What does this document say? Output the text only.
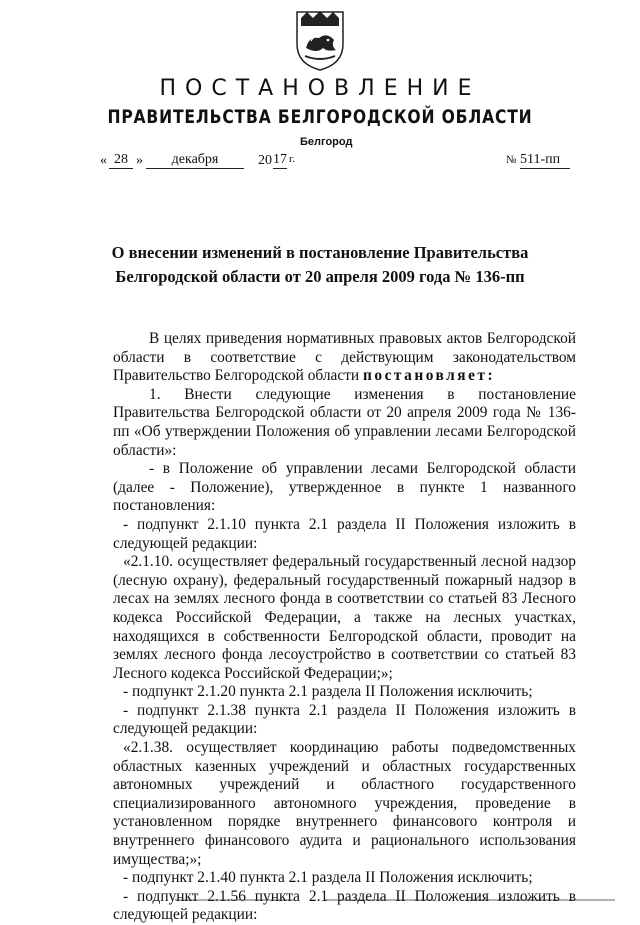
ПОСТАНОВЛЕНИЕ
ПРАВИТЕЛЬСТВА БЕЛГОРОДСКОЙ ОБЛАСТИ
Белгород
« 28 »	декабря	20 17 г.	№ 511-пп
О внесении изменений в постановление Правительства
Белгородской области от 20 апреля 2009 года № 136-пп

В целях приведения нормативных правовых актов Белгородской области в соответствие с действующим законодательством Правительство Белгородской области постановляет:

1. Внести следующие изменения в постановление Правительства Белгородской области от 20 апреля 2009 года № 136-пп «Об утверждении Положения об управлении лесами Белгородской области»:

- в Положение об управлении лесами Белгородской области (далее - Положение), утвержденное в пункте 1 названного постановления:

- подпункт 2.1.10 пункта 2.1 раздела II Положения изложить в следующей редакции:

«2.1.10. осуществляет федеральный государственный лесной надзор (лесную охрану), федеральный государственный пожарный надзор в лесах на землях лесного фонда в соответствии со статьей 83 Лесного кодекса Российской Федерации, а также на лесных участках, находящихся в собственности Белгородской области, проводит на землях лесного фонда лесоустройство в соответствии со статьей 83 Лесного кодекса Российской Федерации;»;

- подпункт 2.1.20 пункта 2.1 раздела II Положения исключить;

- подпункт 2.1.38 пункта 2.1 раздела II Положения изложить в следующей редакции:

«2.1.38. осуществляет координацию работы подведомственных областных казенных учреждений и областных государственных автономных учреждений и областного государственного специализированного автономного учреждения, проведение в установленном порядке внутреннего финансового контроля и внутреннего финансового аудита и рационального использования имущества;»;

- подпункт 2.1.40 пункта 2.1 раздела II Положения исключить;

- подпункт 2.1.56 пункта 2.1 раздела II Положения изложить в следующей редакции:
